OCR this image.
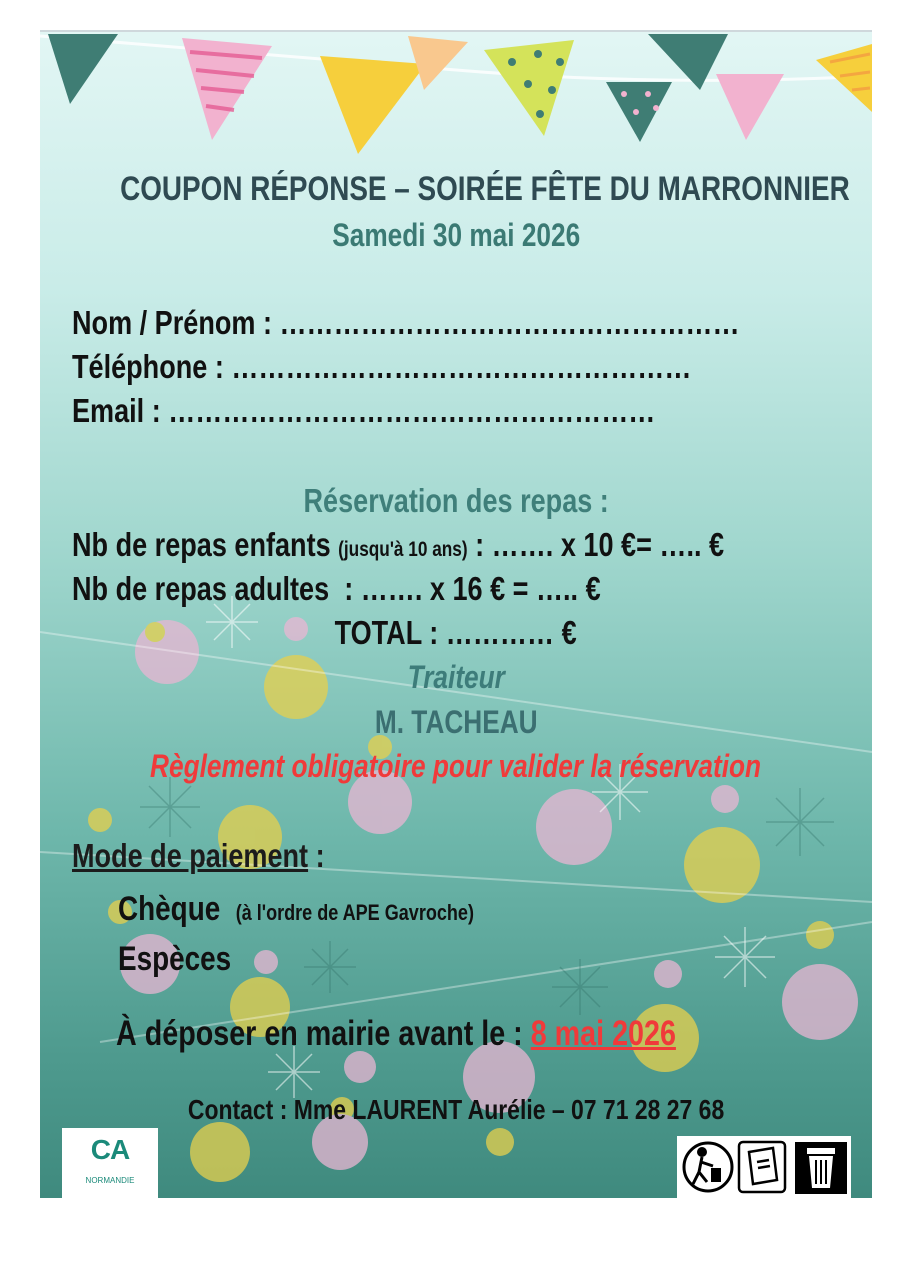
COUPON RÉPONSE – SOIRÉE FÊTE DU MARRONNIER
Samedi 30 mai 2026
Nom / Prénom : ……………………………………………
Téléphone : ……………………………………………
Email : ………………………………………………
Réservation des repas :
Nb de repas enfants (jusqu'à 10 ans) : ……. x 10 €= ….. €
Nb de repas adultes : ……. x 16 € = ….. €
TOTAL : ………… €
Traiteur
M. TACHEAU
Règlement obligatoire pour valider la réservation
Mode de paiement :
Chèque (à l'ordre de APE Gavroche)
Espèces
À déposer en mairie avant le : 8 mai 2026
Contact : Mme LAURENT Aurélie – 07 71 28 27 68
CA
NORMANDIE
